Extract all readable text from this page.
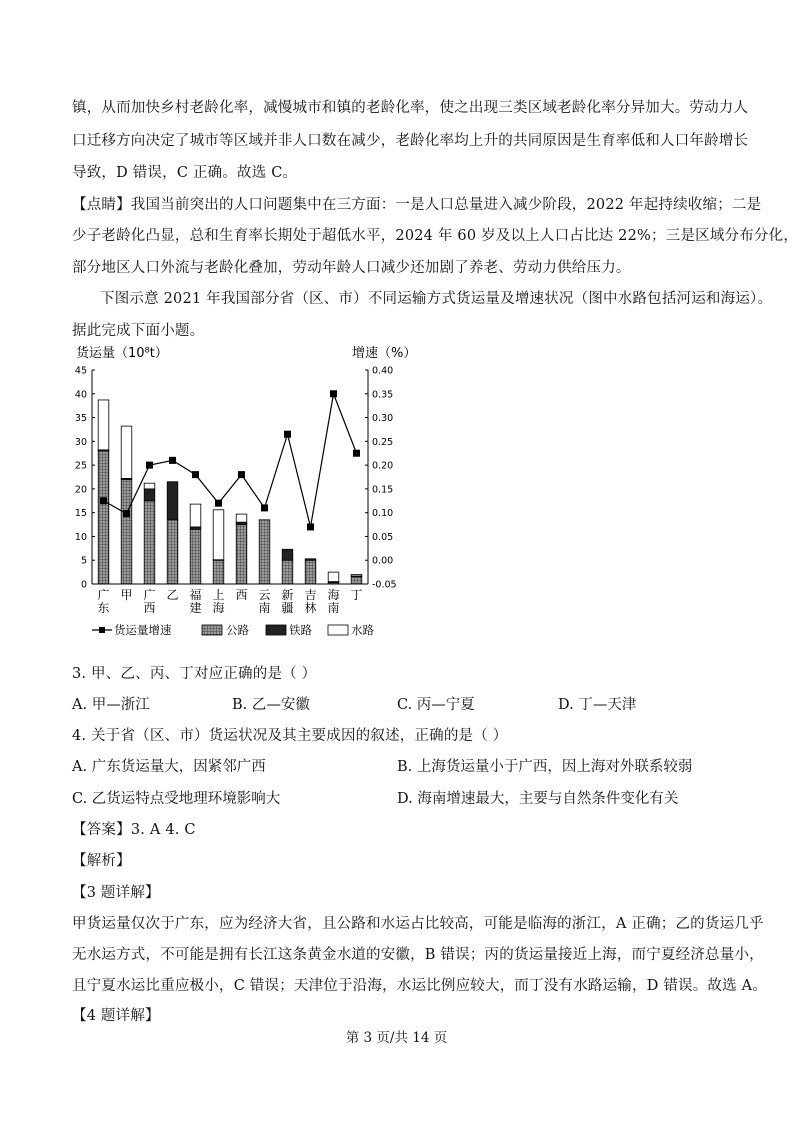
镇，从而加快乡村老龄化率，减慢城市和镇的老龄化率，使之出现三类区域老龄化率分异加大。劳动力人
口迁移方向决定了城市等区域并非人口数在减少，老龄化率均上升的共同原因是生育率低和人口年龄增长
导致，D 错误，C 正确。故选 C。
【点睛】我国当前突出的人口问题集中在三方面：一是人口总量进入减少阶段，2022 年起持续收缩；二是
少子老龄化凸显，总和生育率长期处于超低水平，2024 年 60 岁及以上人口占比达 22%；三是区域分布分化，
部分地区人口外流与老龄化叠加，劳动年龄人口减少还加剧了养老、劳动力供给压力。
下图示意 2021 年我国部分省（区、市）不同运输方式货运量及增速状况（图中水路包括河运和海运）。
据此完成下面小题。
货运量（10⁸t）	增速（%）
0
5
10
15
20
25
30
35
40
45
-0.05
0.00
0.05
0.10
0.15
0.20
0.25
0.30
0.35
0.40
广
东
甲 广
西
乙 福
建
上
海
西 云
南
新
疆
吉
林
海
南
丁
货运量增速	公路	铁路	水路
3. 甲、乙、丙、丁对应正确的是（ ）
A. 甲—浙江	B. 乙—安徽	C. 丙—宁夏	D. 丁—天津
4. 关于省（区、市）货运状况及其主要成因的叙述，正确的是（ ）
A. 广东货运量大，因紧邻广西	B. 上海货运量小于广西，因上海对外联系较弱
C. 乙货运特点受地理环境影响大	D. 海南增速最大，主要与自然条件变化有关
【答案】3. A 4. C
【解析】
【3 题详解】
甲货运量仅次于广东，应为经济大省，且公路和水运占比较高，可能是临海的浙江，A 正确；乙的货运几乎
无水运方式，不可能是拥有长江这条黄金水道的安徽，B 错误；丙的货运量接近上海，而宁夏经济总量小，
且宁夏水运比重应极小，C 错误；天津位于沿海，水运比例应较大，而丁没有水路运输，D 错误。故选 A。
【4 题详解】
第 3 页/共 14 页
